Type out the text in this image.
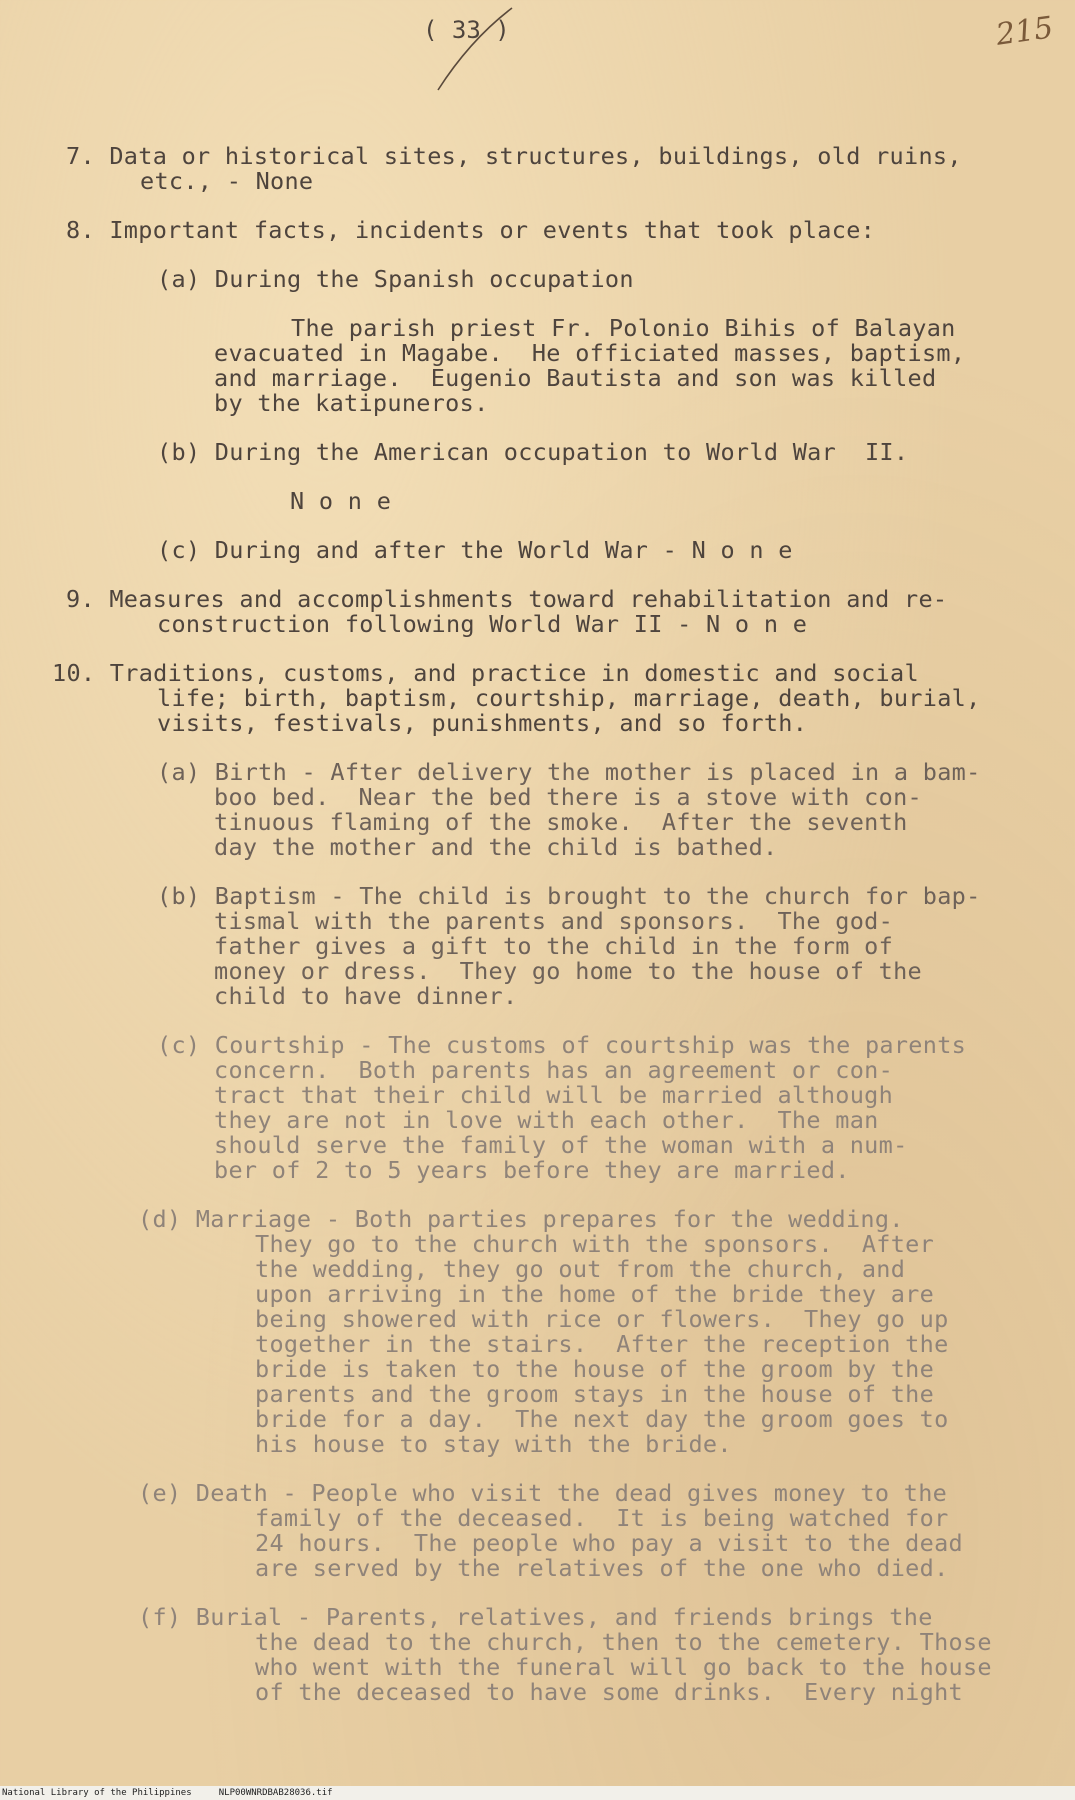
( 33 )	215
7. Data or historical sites, structures, buildings, old ruins,
etc., - None
8. Important facts, incidents or events that took place:
(a) During the Spanish occupation
The parish priest Fr. Polonio Bihis of Balayan
evacuated in Magabe.  He officiated masses, baptism,
and marriage.  Eugenio Bautista and son was killed
by the katipuneros.
(b) During the American occupation to World War  II.
N o n e
(c) During and after the World War - N o n e
9. Measures and accomplishments toward rehabilitation and re-
construction following World War II - N o n e
10. Traditions, customs, and practice in domestic and social
life; birth, baptism, courtship, marriage, death, burial,
visits, festivals, punishments, and so forth.
(a) Birth - After delivery the mother is placed in a bam-
boo bed.  Near the bed there is a stove with con-
tinuous flaming of the smoke.  After the seventh
day the mother and the child is bathed.
(b) Baptism - The child is brought to the church for bap-
tismal with the parents and sponsors.  The god-
father gives a gift to the child in the form of
money or dress.  They go home to the house of the
child to have dinner.
(c) Courtship - The customs of courtship was the parents
concern.  Both parents has an agreement or con-
tract that their child will be married although
they are not in love with each other.  The man
should serve the family of the woman with a num-
ber of 2 to 5 years before they are married.
(d) Marriage - Both parties prepares for the wedding.
They go to the church with the sponsors.  After
the wedding, they go out from the church, and
upon arriving in the home of the bride they are
being showered with rice or flowers.  They go up
together in the stairs.  After the reception the
bride is taken to the house of the groom by the
parents and the groom stays in the house of the
bride for a day.  The next day the groom goes to
his house to stay with the bride.
(e) Death - People who visit the dead gives money to the
family of the deceased.  It is being watched for
24 hours.  The people who pay a visit to the dead
are served by the relatives of the one who died.
(f) Burial - Parents, relatives, and friends brings the
the dead to the church, then to the cemetery. Those
who went with the funeral will go back to the house
of the deceased to have some drinks.  Every night
National Library of the Philippines	NLP00WNRDBAB28036.tif
